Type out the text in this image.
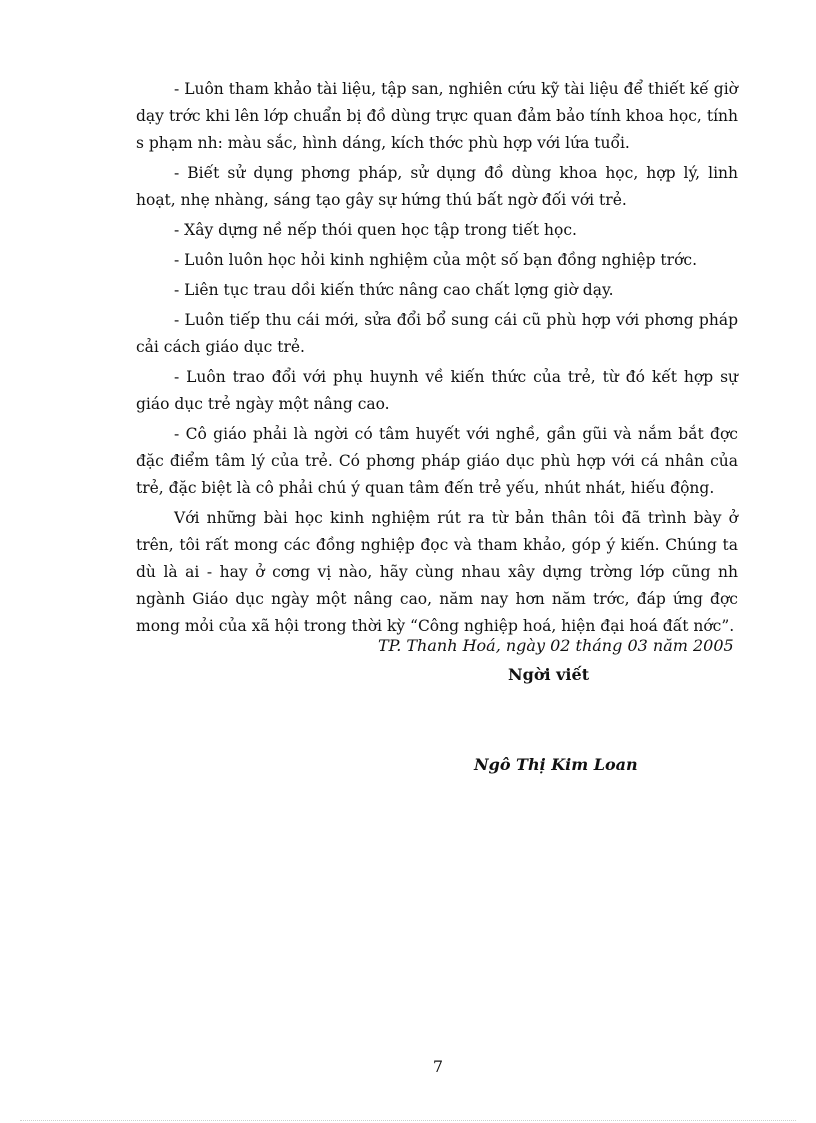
- Luôn tham khảo tài liệu, tập san, nghiên cứu kỹ tài liệu để thiết kế giờ dạy trớc khi lên lớp chuẩn bị đồ dùng trực quan đảm bảo tính khoa học, tính s phạm nh: màu sắc, hình dáng, kích thớc phù hợp với lứa tuổi.

- Biết sử dụng phơng pháp, sử dụng đồ dùng khoa học, hợp lý, linh hoạt, nhẹ nhàng, sáng tạo gây sự hứng thú bất ngờ đối với trẻ.

- Xây dựng nề nếp thói quen học tập trong tiết học.

- Luôn luôn học hỏi kinh nghiệm của một số bạn đồng nghiệp trớc.

- Liên tục trau dồi kiến thức nâng cao chất lợng giờ dạy.

- Luôn tiếp thu cái mới, sửa đổi bổ sung cái cũ phù hợp với phơng pháp cải cách giáo dục trẻ.

- Luôn trao đổi với phụ huynh về kiến thức của trẻ, từ đó kết hợp sự giáo dục trẻ ngày một nâng cao.

- Cô giáo phải là ngời có tâm huyết với nghề, gần gũi và nắm bắt đợc đặc điểm tâm lý của trẻ. Có phơng pháp giáo dục phù hợp với cá nhân của trẻ, đặc biệt là cô phải chú ý quan tâm đến trẻ yếu, nhút nhát, hiếu động.

Với những bài học kinh nghiệm rút ra từ bản thân tôi đã trình bày ở trên, tôi rất mong các đồng nghiệp đọc và tham khảo, góp ý kiến. Chúng ta dù là ai - hay ở cơng vị nào, hãy cùng nhau xây dựng trờng lớp cũng nh ngành Giáo dục ngày một nâng cao, năm nay hơn năm trớc, đáp ứng đợc mong mỏi của xã hội trong thời kỳ “Công nghiệp hoá, hiện đại hoá đất nớc”.

TP. Thanh Hoá, ngày 02 tháng 03 năm 2005
Ngời viết
Ngô Thị Kim Loan
7
